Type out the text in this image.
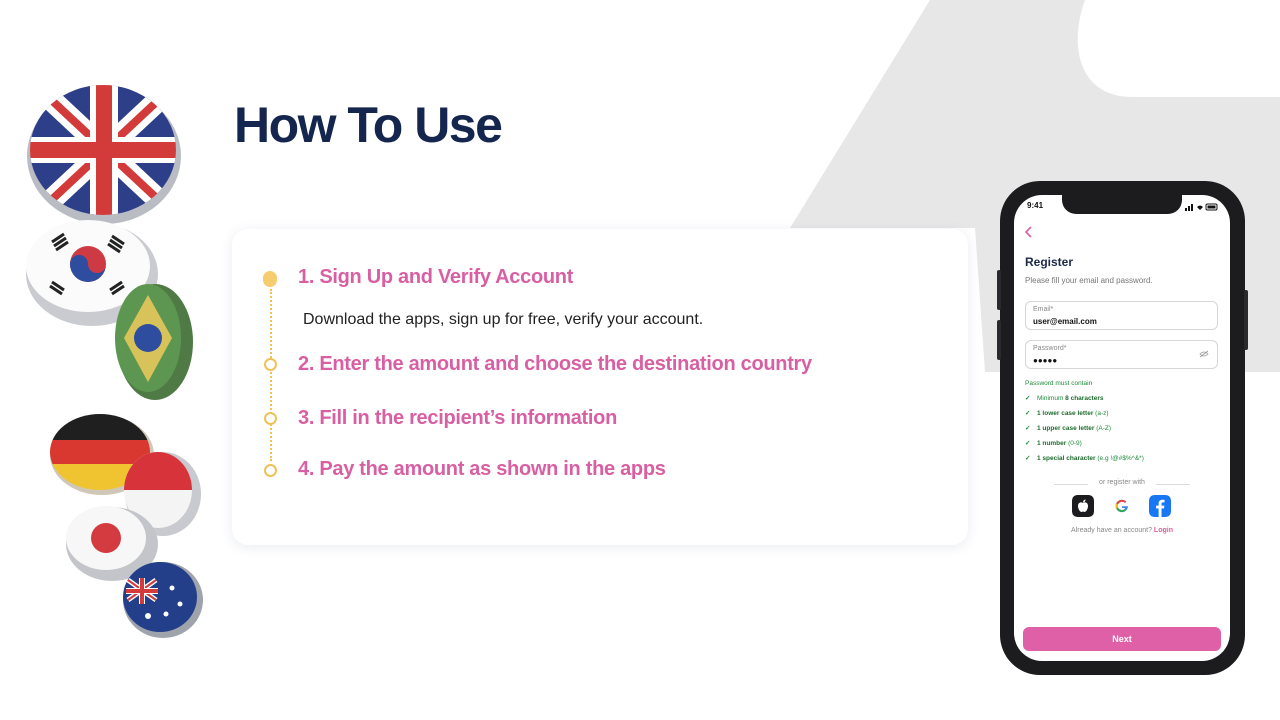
How To Use
1. Sign Up and Verify Account
Download the apps, sign up for free, verify your account.
2. Enter the amount and choose the destination country
3. Fill in the recipient’s information
4. Pay the amount as shown in the apps
9:41
Register
Please fill your email and password.
Email*
user@email.com
Password*
●●●●●
Password must contain
✓ Minimum 8 characters
✓ 1 lower case letter (a-z)
✓ 1 upper case letter (A-Z)
✓ 1 number (0-9)
✓ 1 special character (e.g !@#$%^&*)
or register with
Already have an account? Login
Next
